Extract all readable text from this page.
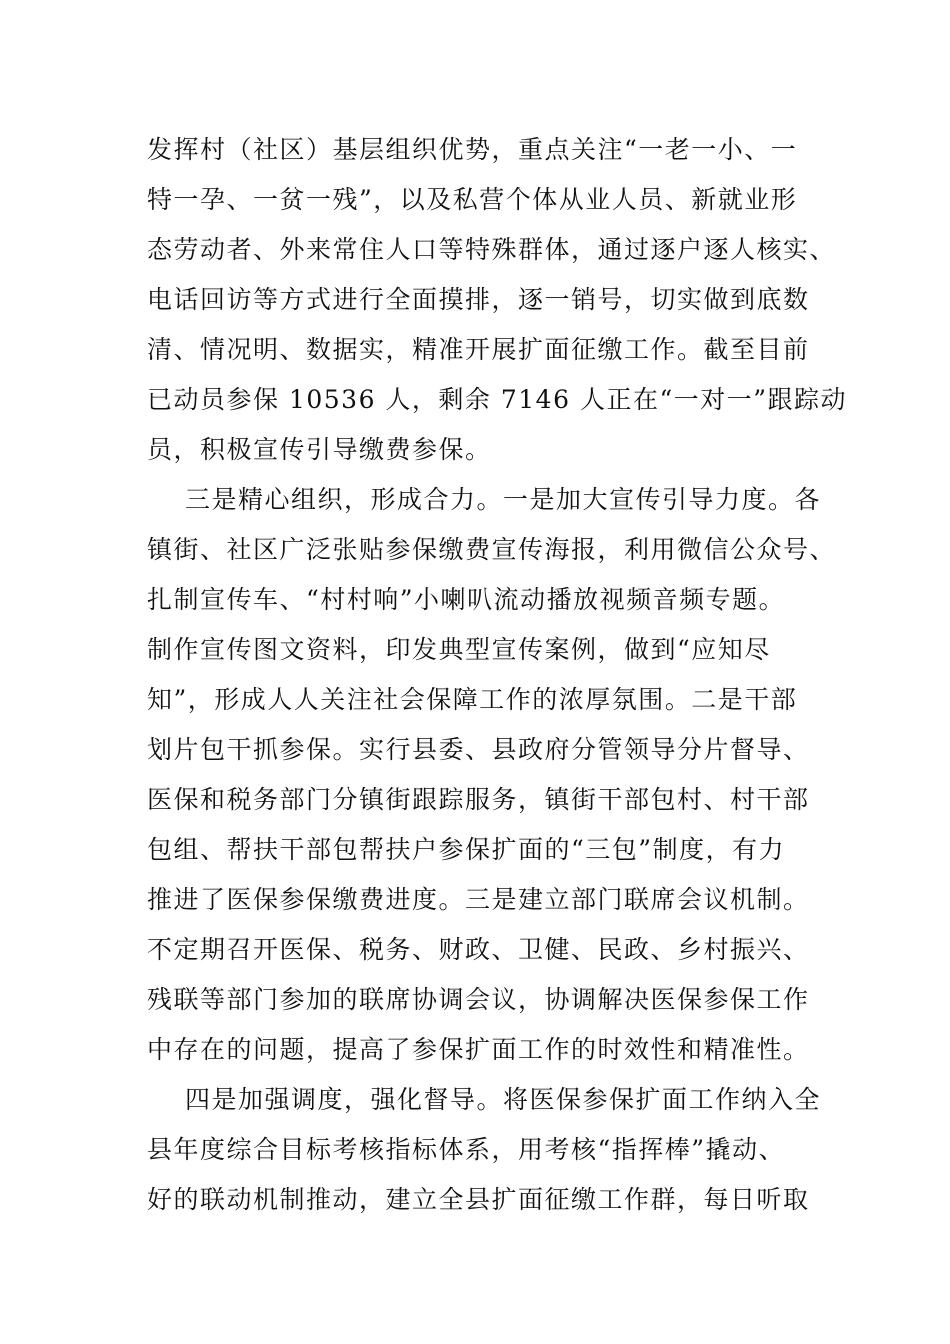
发挥村（社区）基层组织优势，重点关注“一老一小、一
特一孕、一贫一残”，以及私营个体从业人员、新就业形
态劳动者、外来常住人口等特殊群体，通过逐户逐人核实、
电话回访等方式进行全面摸排，逐一销号，切实做到底数
清、情况明、数据实，精准开展扩面征缴工作。截至目前
已动员参保 10536 人，剩余 7146 人正在“一对一”跟踪动
员，积极宣传引导缴费参保。
三是精心组织，形成合力。一是加大宣传引导力度。各
镇街、社区广泛张贴参保缴费宣传海报，利用微信公众号、
扎制宣传车、“村村响”小喇叭流动播放视频音频专题。
制作宣传图文资料，印发典型宣传案例，做到“应知尽
知”，形成人人关注社会保障工作的浓厚氛围。二是干部
划片包干抓参保。实行县委、县政府分管领导分片督导、
医保和税务部门分镇街跟踪服务，镇街干部包村、村干部
包组、帮扶干部包帮扶户参保扩面的“三包”制度，有力
推进了医保参保缴费进度。三是建立部门联席会议机制。
不定期召开医保、税务、财政、卫健、民政、乡村振兴、
残联等部门参加的联席协调会议，协调解决医保参保工作
中存在的问题，提高了参保扩面工作的时效性和精准性。
四是加强调度，强化督导。将医保参保扩面工作纳入全
县年度综合目标考核指标体系，用考核“指挥棒”撬动、
好的联动机制推动，建立全县扩面征缴工作群，每日听取
